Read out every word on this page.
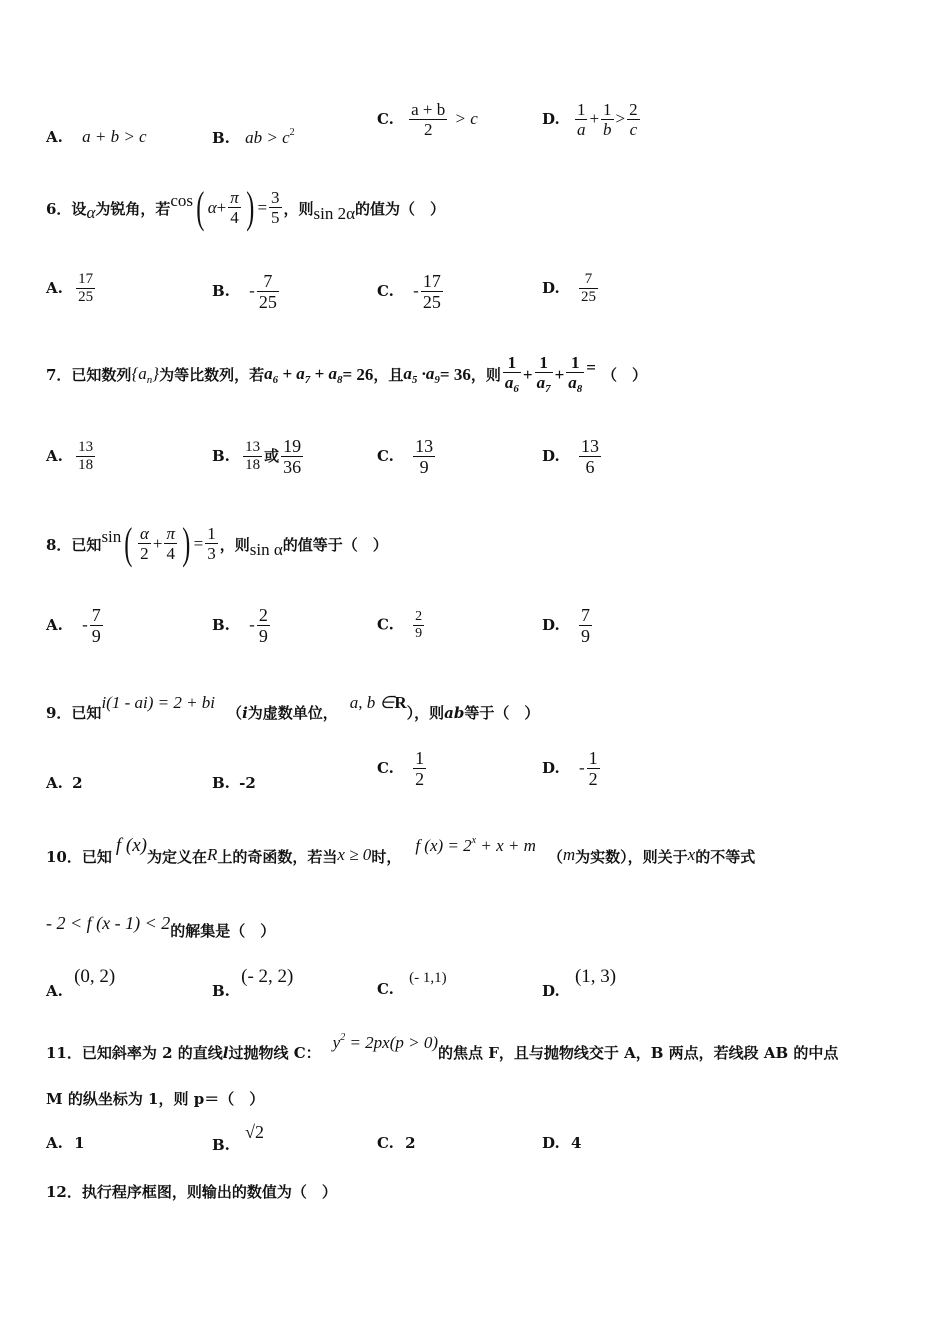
A. a + b > c	B. ab > $c^2$
C. $\frac{a + b}{2} > c$	D. $\frac{1}{a} + \frac{1}{b} > \frac{2}{c}$
6．设α为锐角，若cos( $\alpha+ \frac{\pi}{4}$ ) = $\frac{3}{5}$ ，则sin 2α的值为（　）
A. $\frac{17}{25}$	B. - $\frac{7}{25}$	C. - $\frac{17}{25}$	D. $\frac{7}{25}$
7．已知数列$\{a_n\}$为等比数列，若$a_6 + a_7 + a_8= 26$，且$a_5 \cdot a_9= 36$，则 $\frac{1}{a_6} + \frac{1}{a_7} + \frac{1}{a_8}$ = （　）
A. $\frac{13}{18}$	B. $\frac{13}{18}$ 或 $\frac{19}{36}$	C. $\frac{13}{9}$	D. $\frac{13}{6}$
8．已知$\sin( \frac{\alpha}{2} + \frac{\pi}{4}$ ) = $\frac{1}{3}$ ，则sin α的值等于（　）
A. - $\frac{7}{9}$	B. - $\frac{2}{9}$	C. $\frac{2}{9}$	D. $\frac{7}{9}$
9．已知i(1 - ai) = 2 + bi（i为虚数单位，a, b ∈R），则ab等于（　）
A. 2	B. -2
C. $\frac{1}{2}$	D. - $\frac{1}{2}$
10．已知f (x)为定义在R上的奇函数，若当x ≥ 0时，f $(x) = 2^x + x + m(m$为实数），则关于x的不等式
- 2 < f (x - 1) < 2的解集是（　）
A. (0, 2)
B. (- 2, 2)
C. (- 1,1)
D. (1, 3)
11．已知斜率为 2 的直线l过抛物线 C：$y^2 = 2px(p > 0)$的焦点 F，且与抛物线交于 A，B 两点，若线段 AB 的中点
M 的纵坐标为 1，则 p＝（　）
A. 1	B. √2
C. 2	D. 4
12．执行程序框图，则输出的数值为（　）
